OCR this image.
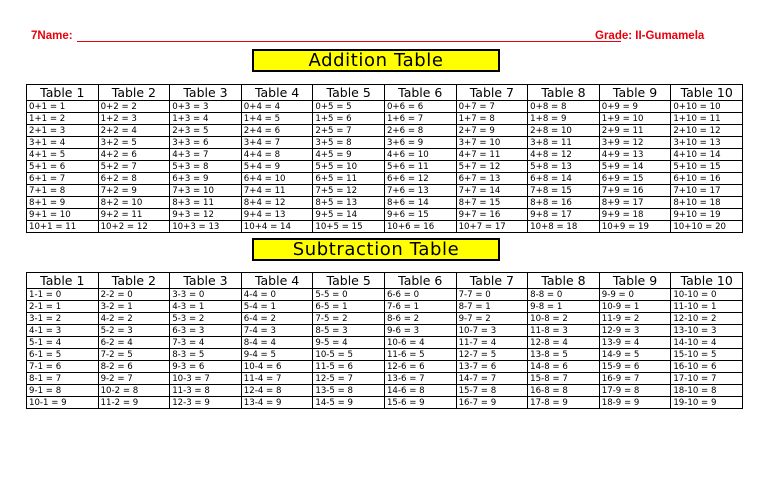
7Name:	Grade: II-Gumamela
Addition Table
Table 1	Table 2	Table 3	Table 4	Table 5	Table 6	Table 7	Table 8	Table 9	Table 10
0+1 = 1	0+2 = 2	0+3 = 3	0+4 = 4	0+5 = 5	0+6 = 6	0+7 = 7	0+8 = 8	0+9 = 9	0+10 = 10
1+1 = 2	1+2 = 3	1+3 = 4	1+4 = 5	1+5 = 6	1+6 = 7	1+7 = 8	1+8 = 9	1+9 = 10	1+10 = 11
2+1 = 3	2+2 = 4	2+3 = 5	2+4 = 6	2+5 = 7	2+6 = 8	2+7 = 9	2+8 = 10	2+9 = 11	2+10 = 12
3+1 = 4	3+2 = 5	3+3 = 6	3+4 = 7	3+5 = 8	3+6 = 9	3+7 = 10	3+8 = 11	3+9 = 12	3+10 = 13
4+1 = 5	4+2 = 6	4+3 = 7	4+4 = 8	4+5 = 9	4+6 = 10	4+7 = 11	4+8 = 12	4+9 = 13	4+10 = 14
5+1 = 6	5+2 = 7	5+3 = 8	5+4 = 9	5+5 = 10	5+6 = 11	5+7 = 12	5+8 = 13	5+9 = 14	5+10 = 15
6+1 = 7	6+2 = 8	6+3 = 9	6+4 = 10	6+5 = 11	6+6 = 12	6+7 = 13	6+8 = 14	6+9 = 15	6+10 = 16
7+1 = 8	7+2 = 9	7+3 = 10	7+4 = 11	7+5 = 12	7+6 = 13	7+7 = 14	7+8 = 15	7+9 = 16	7+10 = 17
8+1 = 9	8+2 = 10	8+3 = 11	8+4 = 12	8+5 = 13	8+6 = 14	8+7 = 15	8+8 = 16	8+9 = 17	8+10 = 18
9+1 = 10	9+2 = 11	9+3 = 12	9+4 = 13	9+5 = 14	9+6 = 15	9+7 = 16	9+8 = 17	9+9 = 18	9+10 = 19
10+1 = 11	10+2 = 12	10+3 = 13	10+4 = 14	10+5 = 15	10+6 = 16	10+7 = 17	10+8 = 18	10+9 = 19	10+10 = 20
Subtraction Table
Table 1	Table 2	Table 3	Table 4	Table 5	Table 6	Table 7	Table 8	Table 9	Table 10
1-1 = 0	2-2 = 0	3-3 = 0	4-4 = 0	5-5 = 0	6-6 = 0	7-7 = 0	8-8 = 0	9-9 = 0	10-10 = 0
2-1 = 1	3-2 = 1	4-3 = 1	5-4 = 1	6-5 = 1	7-6 = 1	8-7 = 1	9-8 = 1	10-9 = 1	11-10 = 1
3-1 = 2	4-2 = 2	5-3 = 2	6-4 = 2	7-5 = 2	8-6 = 2	9-7 = 2	10-8 = 2	11-9 = 2	12-10 = 2
4-1 = 3	5-2 = 3	6-3 = 3	7-4 = 3	8-5 = 3	9-6 = 3	10-7 = 3	11-8 = 3	12-9 = 3	13-10 = 3
5-1 = 4	6-2 = 4	7-3 = 4	8-4 = 4	9-5 = 4	10-6 = 4	11-7 = 4	12-8 = 4	13-9 = 4	14-10 = 4
6-1 = 5	7-2 = 5	8-3 = 5	9-4 = 5	10-5 = 5	11-6 = 5	12-7 = 5	13-8 = 5	14-9 = 5	15-10 = 5
7-1 = 6	8-2 = 6	9-3 = 6	10-4 = 6	11-5 = 6	12-6 = 6	13-7 = 6	14-8 = 6	15-9 = 6	16-10 = 6
8-1 = 7	9-2 = 7	10-3 = 7	11-4 = 7	12-5 = 7	13-6 = 7	14-7 = 7	15-8 = 7	16-9 = 7	17-10 = 7
9-1 = 8	10-2 = 8	11-3 = 8	12-4 = 8	13-5 = 8	14-6 = 8	15-7 = 8	16-8 = 8	17-9 = 8	18-10 = 8
10-1 = 9	11-2 = 9	12-3 = 9	13-4 = 9	14-5 = 9	15-6 = 9	16-7 = 9	17-8 = 9	18-9 = 9	19-10 = 9
